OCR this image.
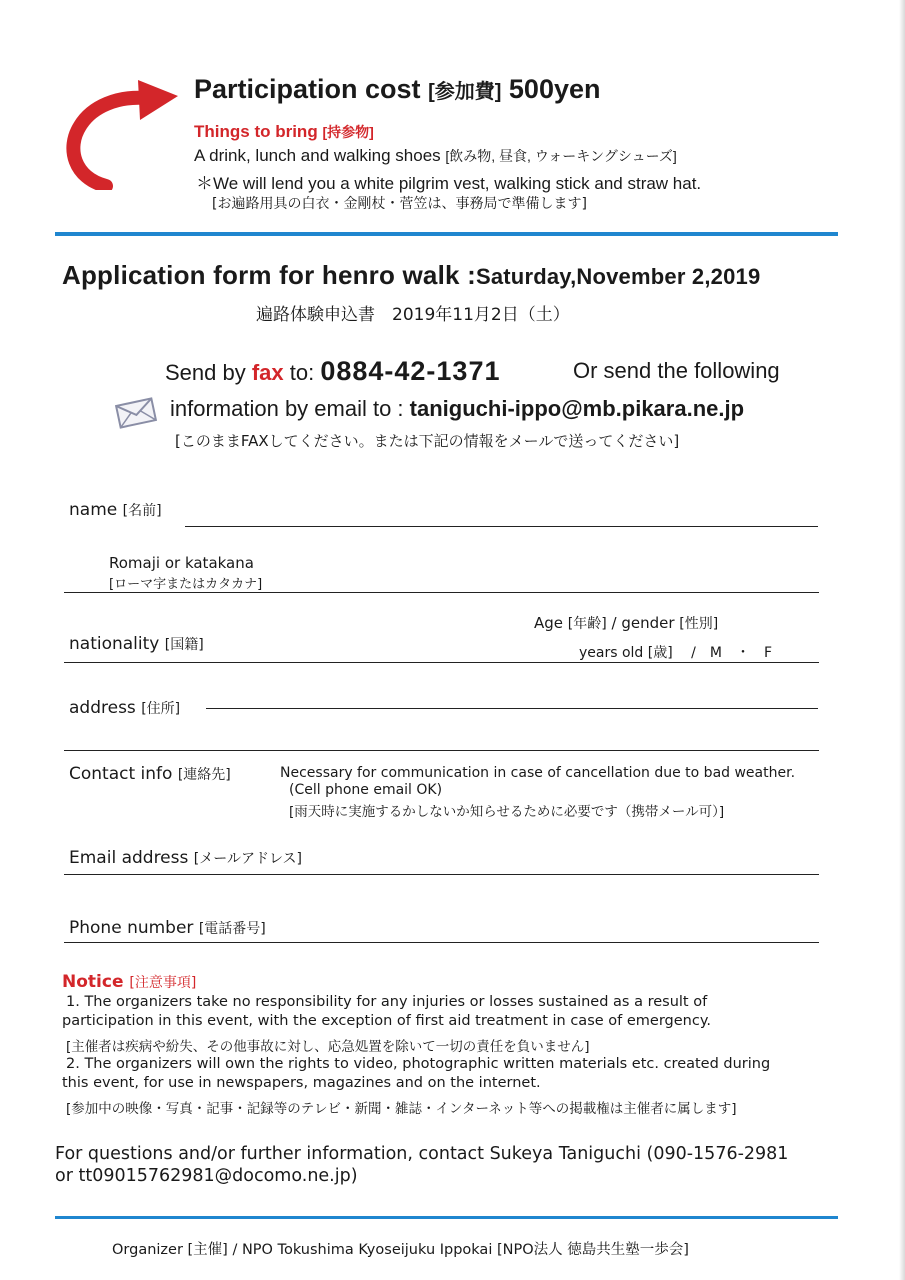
Participation cost [参加費] 500yen
Things to bring [持参物]
A drink, lunch and walking shoes [飲み物, 昼食, ウォーキングシューズ]
＊We will lend you a white pilgrim vest, walking stick and straw hat.
[お遍路用具の白衣・金剛杖・菅笠は、事務局で準備します]
Application form for henro walk :Saturday,November 2,2019
遍路体験申込書　2019年11月2日（土）
Send by fax to: 0884-42-1371	Or send the following
information by email to : taniguchi-ippo@mb.pikara.ne.jp
[このままFAXしてください。または下記の情報をメールで送ってください]
name [名前]
Romaji or katakana
[ローマ字またはカタカナ]
Age [年齢] / gender [性別]
nationality [国籍]	years old [歳] /　M　・　F
address [住所]
Contact info [連絡先]	Necessary for communication in case of cancellation due to bad weather.
(Cell phone email OK)
[雨天時に実施するかしないか知らせるために必要です（携帯メール可）]
Email address [メールアドレス]
Phone number [電話番号]
Notice [注意事項]
1. The organizers take no responsibility for any injuries or losses sustained as a result of
participation in this event, with the exception of first aid treatment in case of emergency.
[主催者は疾病や紛失、その他事故に対し、応急処置を除いて一切の責任を負いません]
2. The organizers will own the rights to video, photographic written materials etc. created during
this event, for use in newspapers, magazines and on the internet.
[参加中の映像・写真・記事・記録等のテレビ・新聞・雑誌・インターネット等への掲載権は主催者に属します]
For questions and/or further information, contact Sukeya Taniguchi (090-1576-2981
or tt09015762981@docomo.ne.jp)
Organizer [主催] / NPO Tokushima Kyoseijuku Ippokai [NPO法人 徳島共生塾一歩会]
